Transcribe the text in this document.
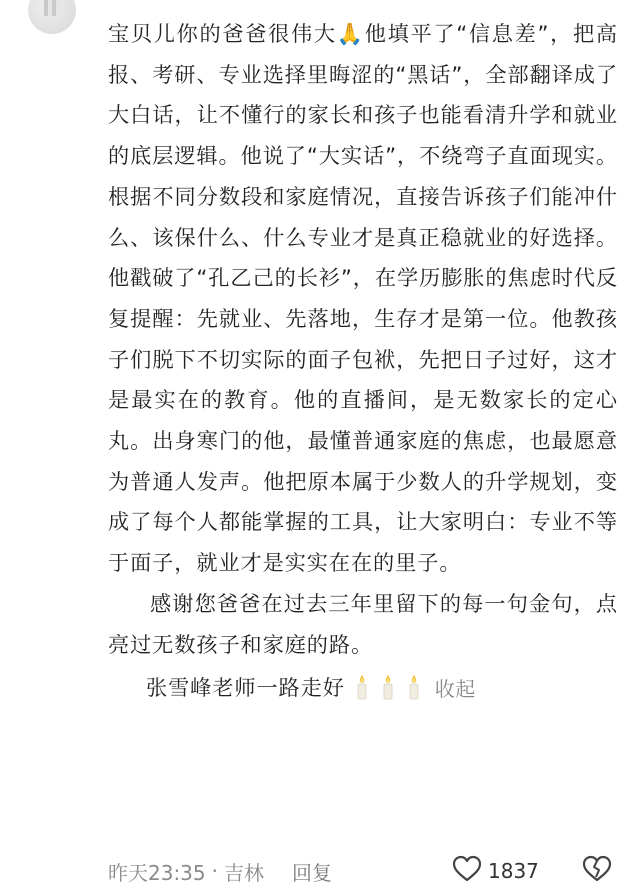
宝贝儿你的爸爸很伟大🙏他填平了“信息差”，把高报、考研、专业选择里晦涩的“黑话”，全部翻译成了大白话，让不懂行的家长和孩子也能看清升学和就业的底层逻辑。他说了“大实话”，不绕弯子直面现实。根据不同分数段和家庭情况，直接告诉孩子们能冲什么、该保什么、什么专业才是真正稳就业的好选择。他戳破了“孔乙己的长衫”，在学历膨胀的焦虑时代反复提醒：先就业、先落地，生存才是第一位。他教孩子们脱下不切实际的面子包袱，先把日子过好，这才是最实在的教育。他的直播间，是无数家长的定心丸。出身寒门的他，最懂普通家庭的焦虑，也最愿意为普通人发声。他把原本属于少数人的升学规划，变成了每个人都能掌握的工具，让大家明白：专业不等于面子，就业才是实实在在的里子。

感谢您爸爸在过去三年里留下的每一句金句，点亮过无数孩子和家庭的路。

张雪峰老师一路走好	收起
昨天23:35 · 吉林 回复	1837
